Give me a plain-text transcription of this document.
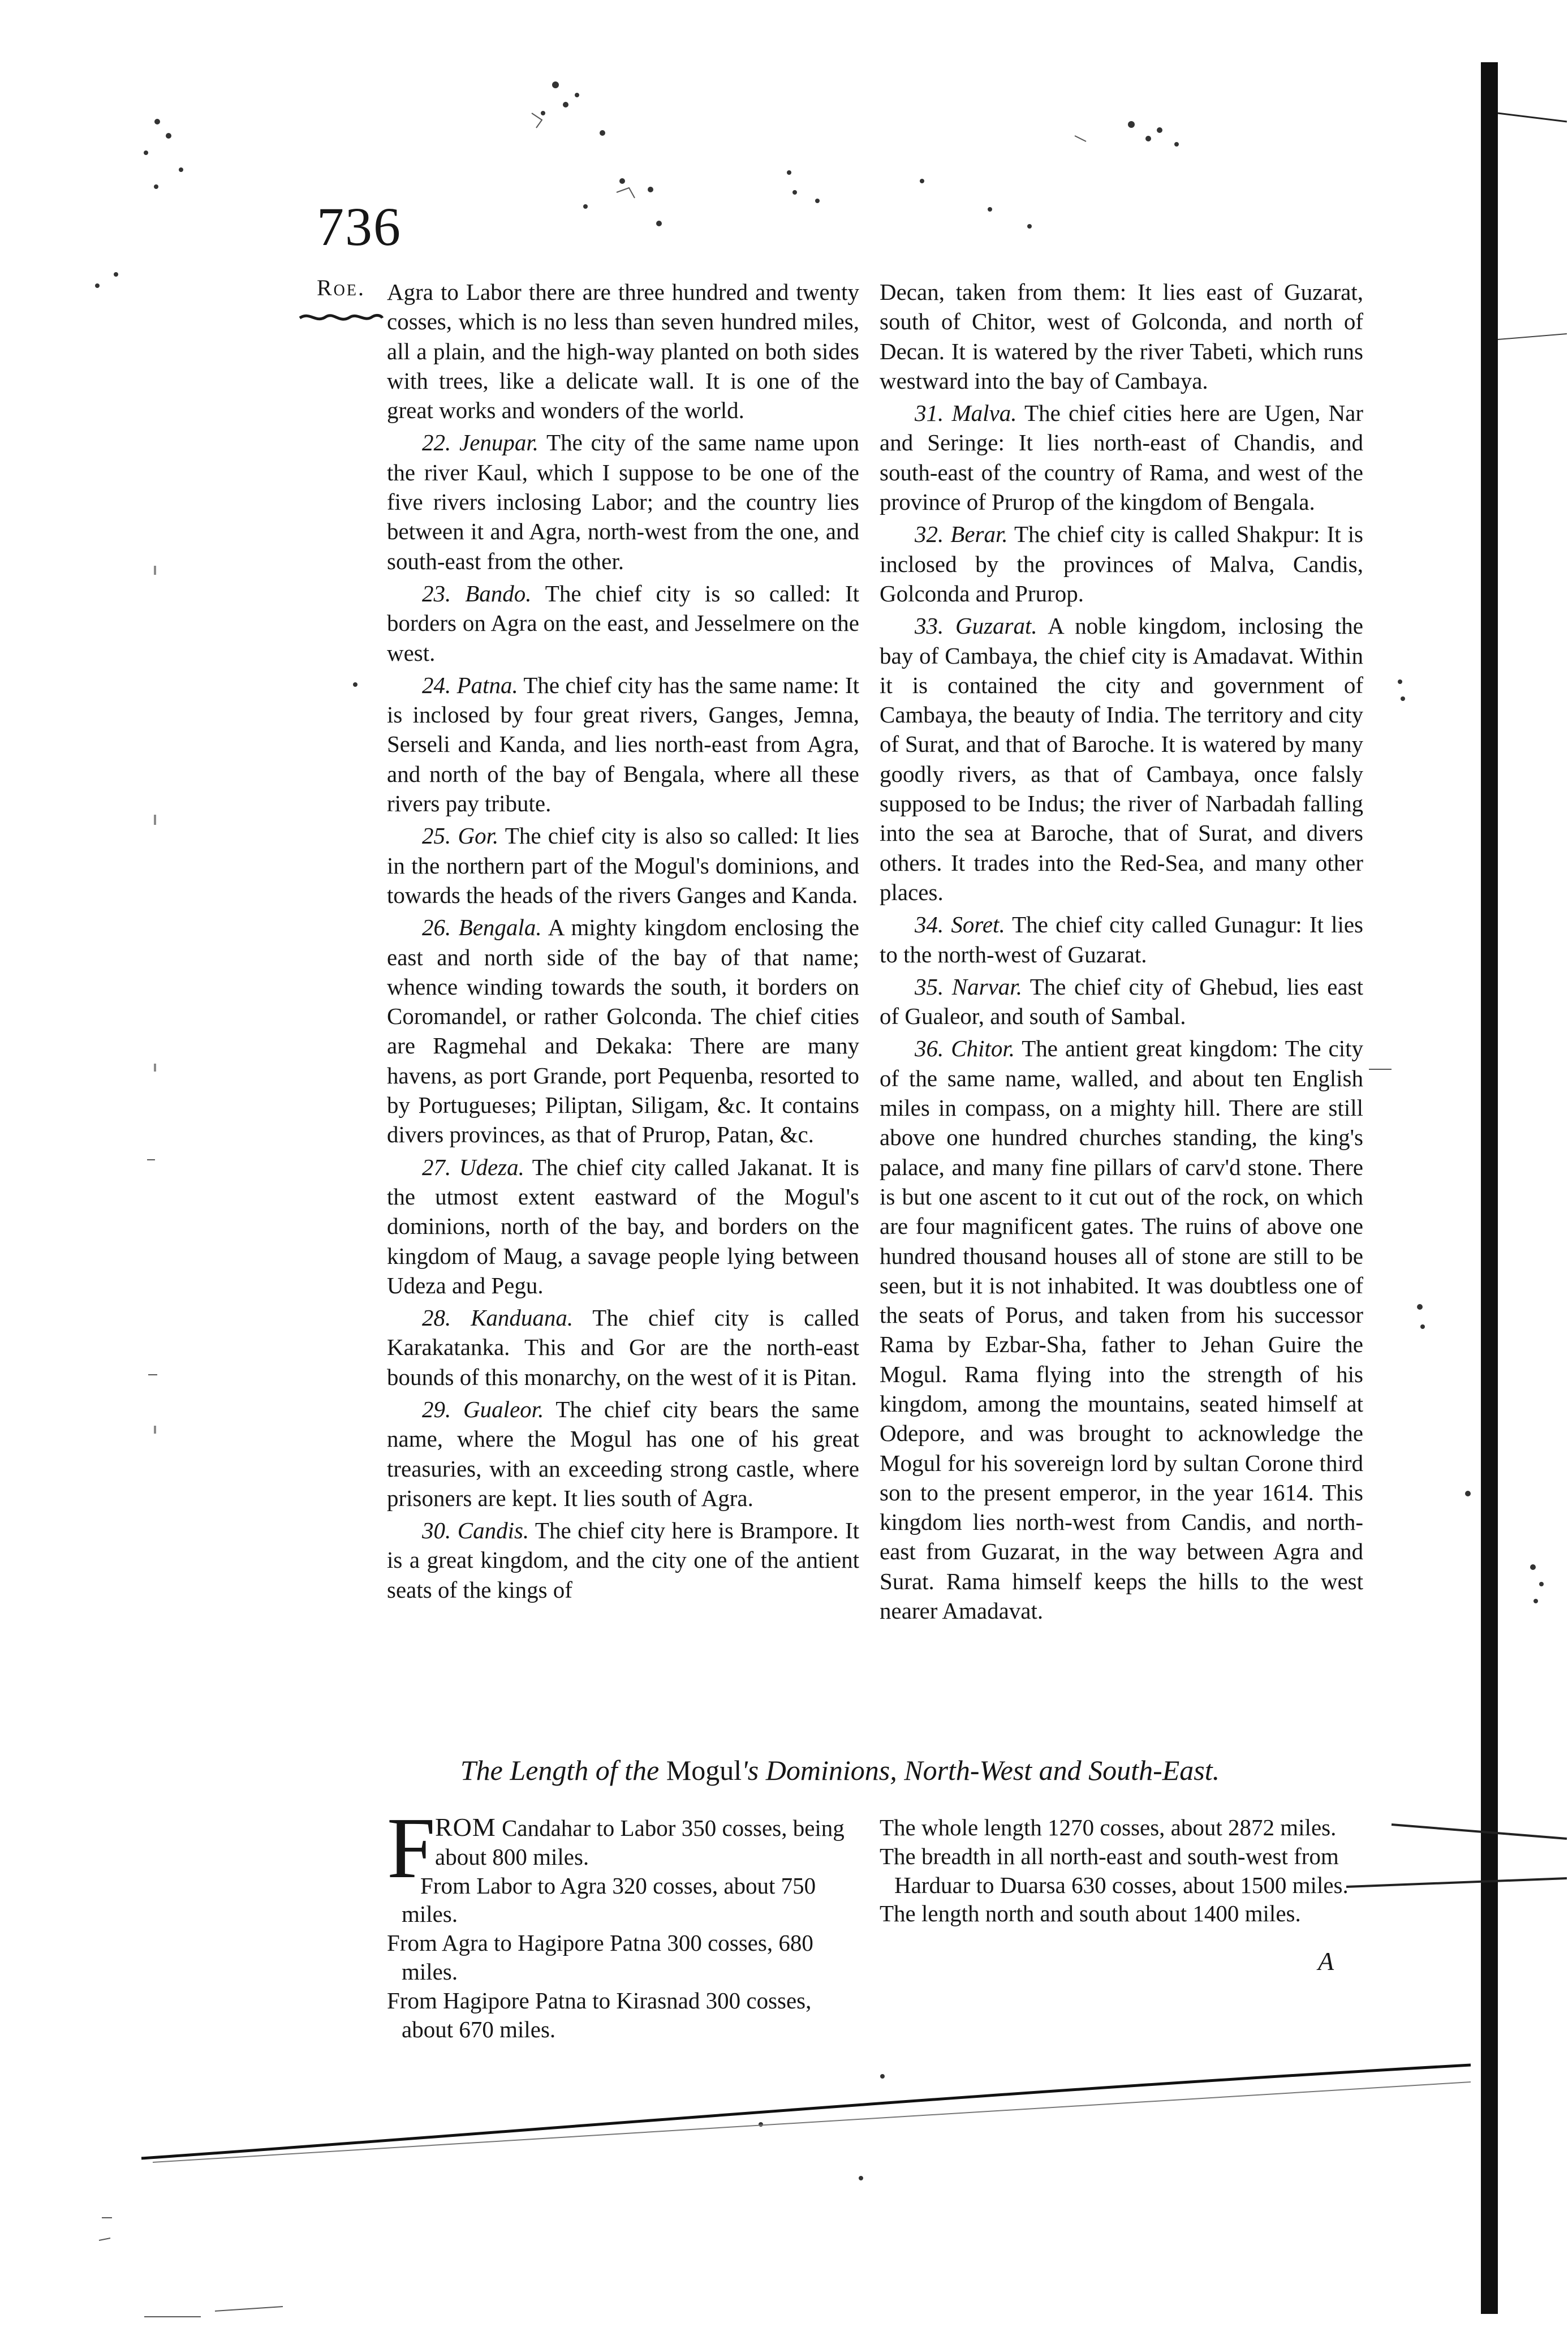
736
Roe. Agra to Labor there are three hundred and twenty cosses, which is no less than seven hundred miles, all a plain, and the high-way planted on both sides with trees, like a delicate wall. It is one of the great works and wonders of the world.

22. Jenupar. The city of the same name upon the river Kaul, which I suppose to be one of the five rivers inclosing Labor; and the country lies between it and Agra, north-west from the one, and south-east from the other.

23. Bando. The chief city is so called: It borders on Agra on the east, and Jesselmere on the west.

24. Patna. The chief city has the same name: It is inclosed by four great rivers, Ganges, Jemna, Serseli and Kanda, and lies north-east from Agra, and north of the bay of Bengala, where all these rivers pay tribute.

25. Gor. The chief city is also so called: It lies in the northern part of the Mogul's dominions, and towards the heads of the rivers Ganges and Kanda.

26. Bengala. A mighty kingdom enclosing the east and north side of the bay of that name; whence winding towards the south, it borders on Coromandel, or rather Golconda. The chief cities are Ragmehal and Dekaka: There are many havens, as port Grande, port Pequenba, resorted to by Portugueses; Piliptan, Siligam, &c. It contains divers provinces, as that of Prurop, Patan, &c.

27. Udeza. The chief city called Jakanat. It is the utmost extent eastward of the Mogul's dominions, north of the bay, and borders on the kingdom of Maug, a savage people lying between Udeza and Pegu.

28. Kanduana. The chief city is called Karakatanka. This and Gor are the north-east bounds of this monarchy, on the west of it is Pitan.

29. Gualeor. The chief city bears the same name, where the Mogul has one of his great treasuries, with an exceeding strong castle, where prisoners are kept. It lies south of Agra.

30. Candis. The chief city here is Brampore. It is a great kingdom, and the city one of the antient seats of the kings of

Decan, taken from them: It lies east of Guzarat, south of Chitor, west of Golconda, and north of Decan. It is watered by the river Tabeti, which runs westward into the bay of Cambaya.

31. Malva. The chief cities here are Ugen, Nar and Seringe: It lies north-east of Chandis, and south-east of the country of Rama, and west of the province of Prurop of the kingdom of Bengala.

32. Berar. The chief city is called Shakpur: It is inclosed by the provinces of Malva, Candis, Golconda and Prurop.

33. Guzarat. A noble kingdom, inclosing the bay of Cambaya, the chief city is Amadavat. Within it is contained the city and government of Cambaya, the beauty of India. The territory and city of Surat, and that of Baroche. It is watered by many goodly rivers, as that of Cambaya, once falsly supposed to be Indus; the river of Narbadah falling into the sea at Baroche, that of Surat, and divers others. It trades into the Red-Sea, and many other places.

34. Soret. The chief city called Gunagur: It lies to the north-west of Guzarat.

35. Narvar. The chief city of Ghebud, lies east of Gualeor, and south of Sambal.

36. Chitor. The antient great kingdom: The city of the same name, walled, and about ten English miles in compass, on a mighty hill. There are still above one hundred churches standing, the king's palace, and many fine pillars of carv'd stone. There is but one ascent to it cut out of the rock, on which are four magnificent gates. The ruins of above one hundred thousand houses all of stone are still to be seen, but it is not inhabited. It was doubtless one of the seats of Porus, and taken from his successor Rama by Ezbar-Sha, father to Jehan Guire the Mogul. Rama flying into the strength of his kingdom, among the mountains, seated himself at Odepore, and was brought to acknowledge the Mogul for his sovereign lord by sultan Corone third son to the present emperor, in the year 1614. This kingdom lies north-west from Candis, and north-east from Guzarat, in the way between Agra and Surat. Rama himself keeps the hills to the west nearer Amadavat.

The Length of the Mogul's Dominions, North-West and South-East.

FROM Candahar to Labor 350 cosses, being about 800 miles.

From Labor to Agra 320 cosses, about 750 miles.

From Agra to Hagipore Patna 300 cosses, 680 miles.

From Hagipore Patna to Kirasnad 300 cosses, about 670 miles.

The whole length 1270 cosses, about 2872 miles.

The breadth in all north-east and south-west from Harduar to Duarsa 630 cosses, about 1500 miles.

The length north and south about 1400 miles.

A
